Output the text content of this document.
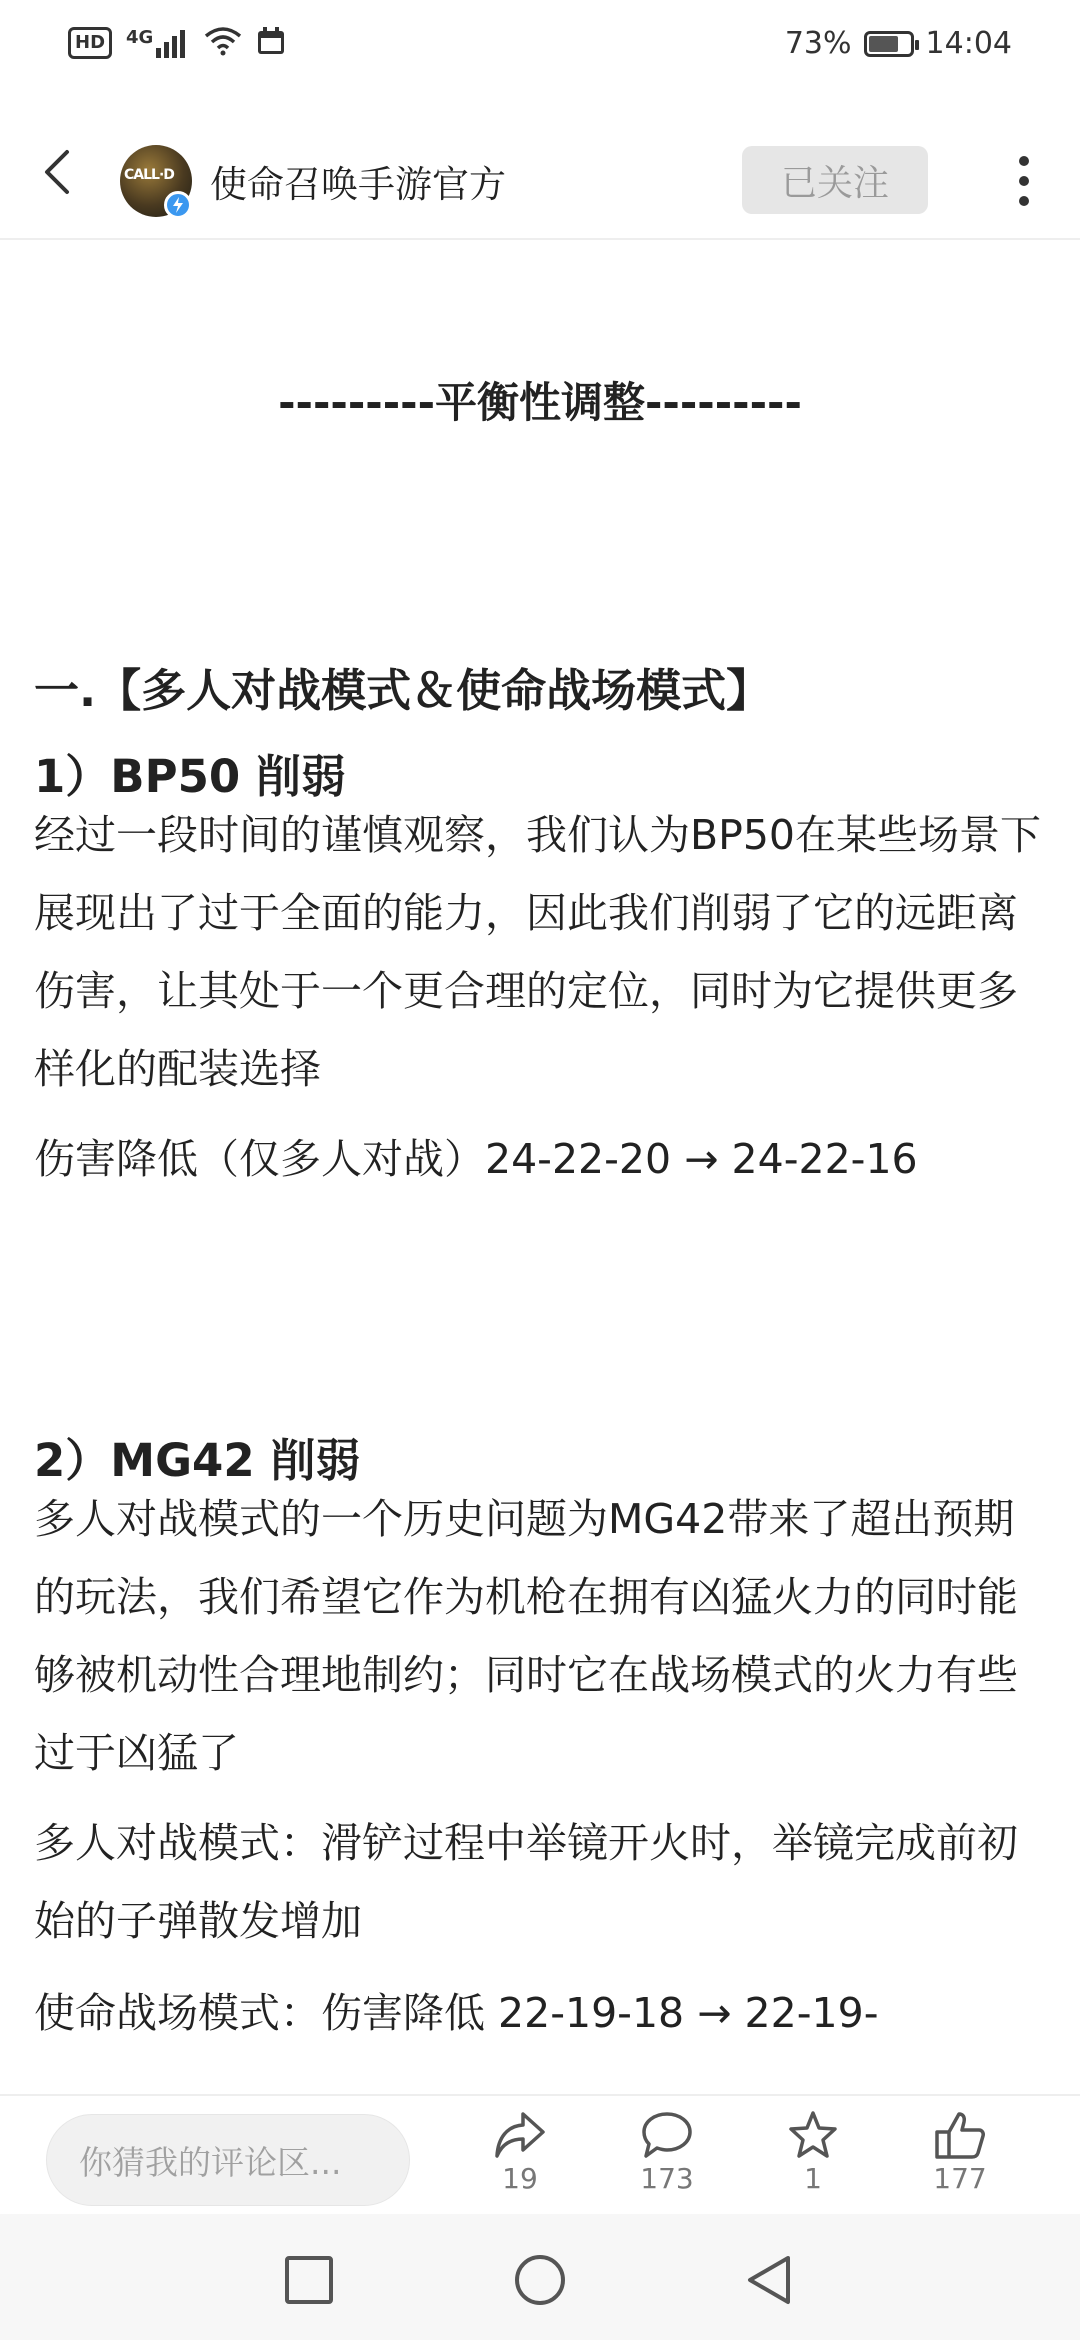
HD	4G	73% 14:04
CALL·D 使命召唤手游官方	已关注
---------平衡性调整---------
一.【多人对战模式＆使命战场模式】
1）BP50 削弱

经过一段时间的谨慎观察，我们认为BP50在某些场景下展现出了过于全面的能力，因此我们削弱了它的远距离伤害，让其处于一个更合理的定位，同时为它提供更多样化的配装选择

伤害降低（仅多人对战）24-22-20 → 24-22-16

2）MG42 削弱

多人对战模式的一个历史问题为MG42带来了超出预期的玩法，我们希望它作为机枪在拥有凶猛火力的同时能够被机动性合理地制约；同时它在战场模式的火力有些过于凶猛了

多人对战模式：滑铲过程中举镜开火时，举镜完成前初始的子弹散发增加

使命战场模式：伤害降低 22-19-18 → 22-19-

你猜我的评论区...	19	173	1	177
